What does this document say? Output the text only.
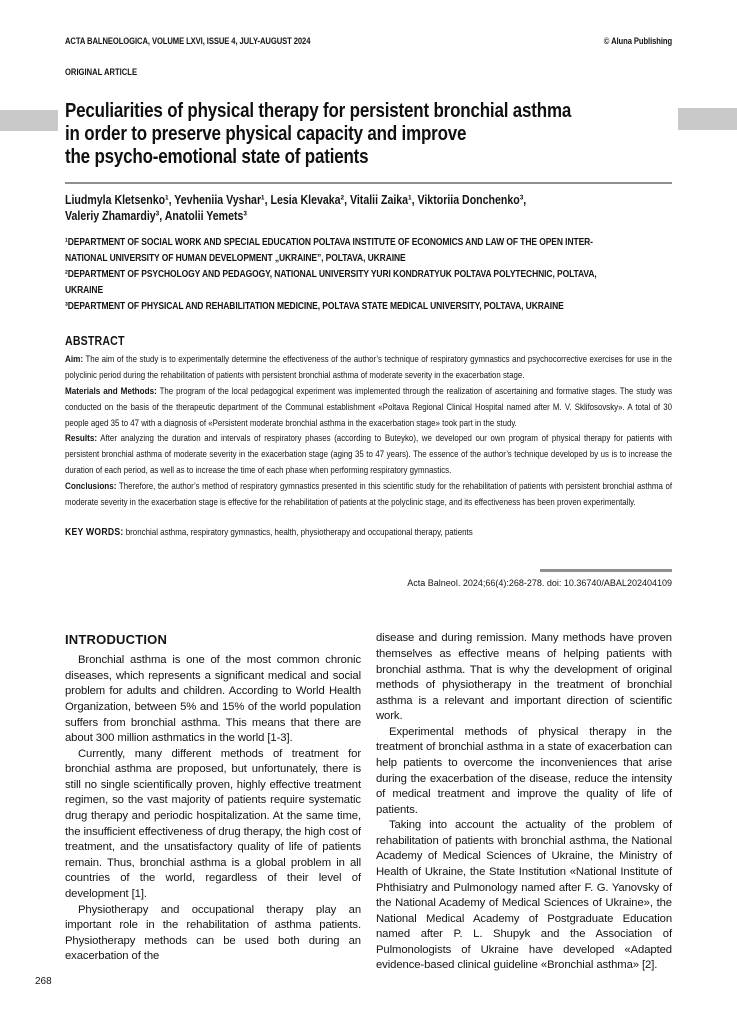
ACTA BALNEOLOGICA, VOLUME LXVI, ISSUE 4, JULY-AUGUST 2024	© Aluna Publishing
ORIGINAL ARTICLE
Peculiarities of physical therapy for persistent bronchial asthma
in order to preserve physical capacity and improve
the psycho-emotional state of patients
Liudmyla Kletsenko¹, Yevheniia Vyshar¹, Lesia Klevaka², Vitalii Zaika¹, Viktoriia Donchenko³,
Valeriy Zhamardiy³, Anatolii Yemets³
¹DEPARTMENT OF SOCIAL WORK AND SPECIAL EDUCATION POLTAVA INSTITUTE OF ECONOMICS AND LAW OF THE OPEN INTER-
NATIONAL UNIVERSITY OF HUMAN DEVELOPMENT „UKRAINE”, POLTAVA, UKRAINE
²DEPARTMENT OF PSYCHOLOGY AND PEDAGOGY, NATIONAL UNIVERSITY YURI KONDRATYUK POLTAVA POLYTECHNIC, POLTAVA,
UKRAINE
³DEPARTMENT OF PHYSICAL AND REHABILITATION MEDICINE, POLTAVA STATE MEDICAL UNIVERSITY, POLTAVA, UKRAINE
ABSTRACT

Aim: The aim of the study is to experimentally determine the effectiveness of the author’s technique of respiratory gymnastics and psychocorrective exercises for use in the polyclinic period during the rehabilitation of patients with persistent bronchial asthma of moderate severity in the exacerbation stage.

Materials and Methods: The program of the local pedagogical experiment was implemented through the realization of ascertaining and formative stages. The study was conducted on the basis of the therapeutic department of the Communal establishment «Poltava Regional Clinical Hospital named after M. V. Sklifosovsky». A total of 30 people aged 35 to 47 with a diagnosis of «Persistent moderate bronchial asthma in the exacerbation stage» took part in the study.

Results: After analyzing the duration and intervals of respiratory phases (according to Buteyko), we developed our own program of physical therapy for patients with persistent bronchial asthma of moderate severity in the exacerbation stage (aging 35 to 47 years). The essence of the author’s technique developed by us is to increase the duration of each period, as well as to increase the time of each phase when performing respiratory gymnastics.

Conclusions: Therefore, the author’s method of respiratory gymnastics presented in this scientific study for the rehabilitation of patients with persistent bronchial asthma of moderate severity in the exacerbation stage is effective for the rehabilitation of patients at the polyclinic stage, and its effectiveness has been proven experimentally.

KEY WORDS: bronchial asthma, respiratory gymnastics, health, physiotherapy and occupational therapy, patients
Acta Balneol. 2024;66(4):268-278. doi: 10.36740/ABAL202404109
INTRODUCTION

Bronchial asthma is one of the most common chronic diseases, which represents a significant medical and social problem for adults and children. According to World Health Organization, between 5% and 15% of the world population suffers from bronchial asthma. This means that there are about 300 million asthmatics in the world [1-3].

Currently, many different methods of treatment for bronchial asthma are proposed, but unfortunately, there is still no single scientifically proven, highly effective treatment regimen, so the vast majority of patients require systematic drug therapy and periodic hospitalization. At the same time, the insufficient effectiveness of drug therapy, the high cost of treatment, and the unsatisfactory quality of life of patients remain. Thus, bronchial asthma is a global problem in all countries of the world, regardless of their level of development [1].

Physiotherapy and occupational therapy play an important role in the rehabilitation of asthma patients. Physiotherapy methods can be used both during an exacerbation of the

disease and during remission. Many methods have proven themselves as effective means of helping patients with bronchial asthma. That is why the development of original methods of physiotherapy in the treatment of bronchial asthma is a relevant and important direction of scientific work.

Experimental methods of physical therapy in the treatment of bronchial asthma in a state of exacerbation can help patients to overcome the inconveniences that arise during the exacerbation of the disease, reduce the intensity of medical treatment and improve the quality of life of patients.

Taking into account the actuality of the problem of rehabilitation of patients with bronchial asthma, the National Academy of Medical Sciences of Ukraine, the Ministry of Health of Ukraine, the State Institution «National Institute of Phthisiatry and Pulmonology named after F. G. Yanovsky of the National Academy of Medical Sciences of Ukraine», the National Medical Academy of Postgraduate Education named after P. L. Shupyk and the Association of Pulmonologists of Ukraine have developed «Adapted evidence-based clinical guideline «Bronchial asthma» [2].

268
